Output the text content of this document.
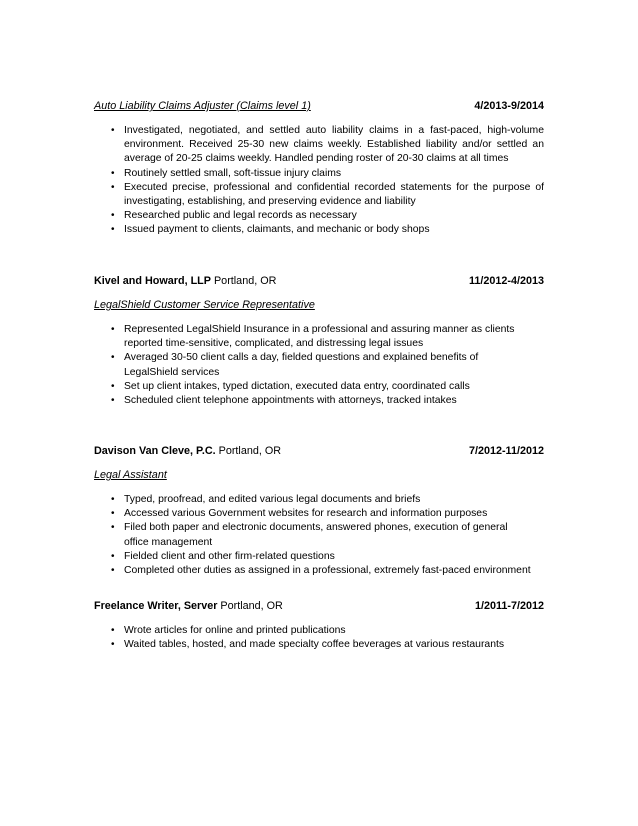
Auto Liability Claims Adjuster (Claims level 1)	4/2013-9/2014
• Investigated, negotiated, and settled auto liability claims in a fast-paced, high-volume environment. Received 25-30 new claims weekly. Established liability and/or settled an average of 20-25 claims weekly. Handled pending roster of 20-30 claims at all times
• Routinely settled small, soft-tissue injury claims
• Executed precise, professional and confidential recorded statements for the purpose of investigating, establishing, and preserving evidence and liability
• Researched public and legal records as necessary
• Issued payment to clients, claimants, and mechanic or body shops
Kivel and Howard, LLP Portland, OR	11/2012-4/2013
LegalShield Customer Service Representative
• Represented LegalShield Insurance in a professional and assuring manner as clients reported time-sensitive, complicated, and distressing legal issues
• Averaged 30-50 client calls a day, fielded questions and explained benefits of LegalShield services
• Set up client intakes, typed dictation, executed data entry, coordinated calls
• Scheduled client telephone appointments with attorneys, tracked intakes
Davison Van Cleve, P.C. Portland, OR	7/2012-11/2012
Legal Assistant
• Typed, proofread, and edited various legal documents and briefs
• Accessed various Government websites for research and information purposes
• Filed both paper and electronic documents, answered phones, execution of general office management
• Fielded client and other firm-related questions
• Completed other duties as assigned in a professional, extremely fast-paced environment
Freelance Writer, Server Portland, OR	1/2011-7/2012
• Wrote articles for online and printed publications
• Waited tables, hosted, and made specialty coffee beverages at various restaurants
